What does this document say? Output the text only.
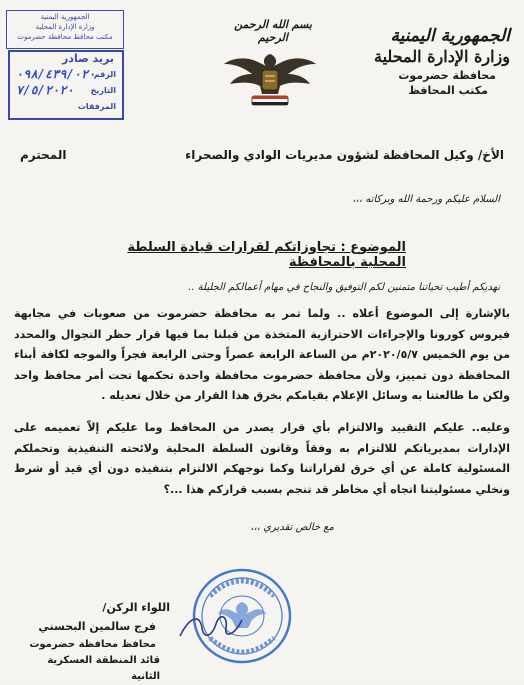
الجمهورية اليمنية
وزارة الإدارة المحلية
محافظة حضرموت
مكتب المحافظ
بسم الله الرحمن الرحيم
الجمهورية اليمنية
وزارة الإدارة المحلية
مكتب محافظ محافظة حضرموت
بريد صادر
الرقم
٠٩٨/٤٣٩/٠٢٠
التاريخ
٧/٥/٢٠٢٠
المرفقات
الأخ/ وكيل المحافظة لشؤون مديريات الوادي والصحراء
المحترم
السلام عليكم ورحمة الله وبركاته ،،،
الموضوع : تجاوزاتكم لقرارات قيادة السلطة المحلية بالمحافظة
نهديكم أطيب تحياتنا متمنين لكم التوفيق والنجاح في مهام أعمالكم الجليلة ..
بالإشارة إلى الموضوع أعلاه .. ولما تمر به محافظة حضرموت من صعوبات في مجابهة فيروس كورونا والإجراءات الاحترازية المتخذة من قبلنا بما فيها قرار حظر التجوال والمحدد من يوم الخميس ٢٠٢٠/٥/٧م من الساعة الرابعة عصراً وحتى الرابعة فجراً والموجه لكافة أبناء المحافظة دون تمييز، ولأن محافظة حضرموت محافظة واحدة تحكمها تحت أمر محافظ واحد ولكن ما طالعتنا به وسائل الإعلام بقيامكم بخرق هذا القرار من خلال تعديله .
وعليه.. عليكم التقييد والالتزام بأي قرار يصدر من المحافظ وما عليكم إلاّ تعميمه على الإدارات بمديرياتكم للالتزام به وفقاً وقانون السلطة المحلية ولائحته التنفيذية وتحملكم المسئولية كاملة عن أي خرق لقراراتنا وكما نوجهكم الالتزام بتنفيذه دون أي قيد أو شرط ونخلي مسئوليتنا اتجاه أي مخاطر قد تنجم بسبب قراركم هذا ...؟
مع خالص تقديري ،،،
اللواء الركن/
فرج سالمين البحسني
محافظ محافظة حضرموت
قائد المنطقة العسكرية الثانية
